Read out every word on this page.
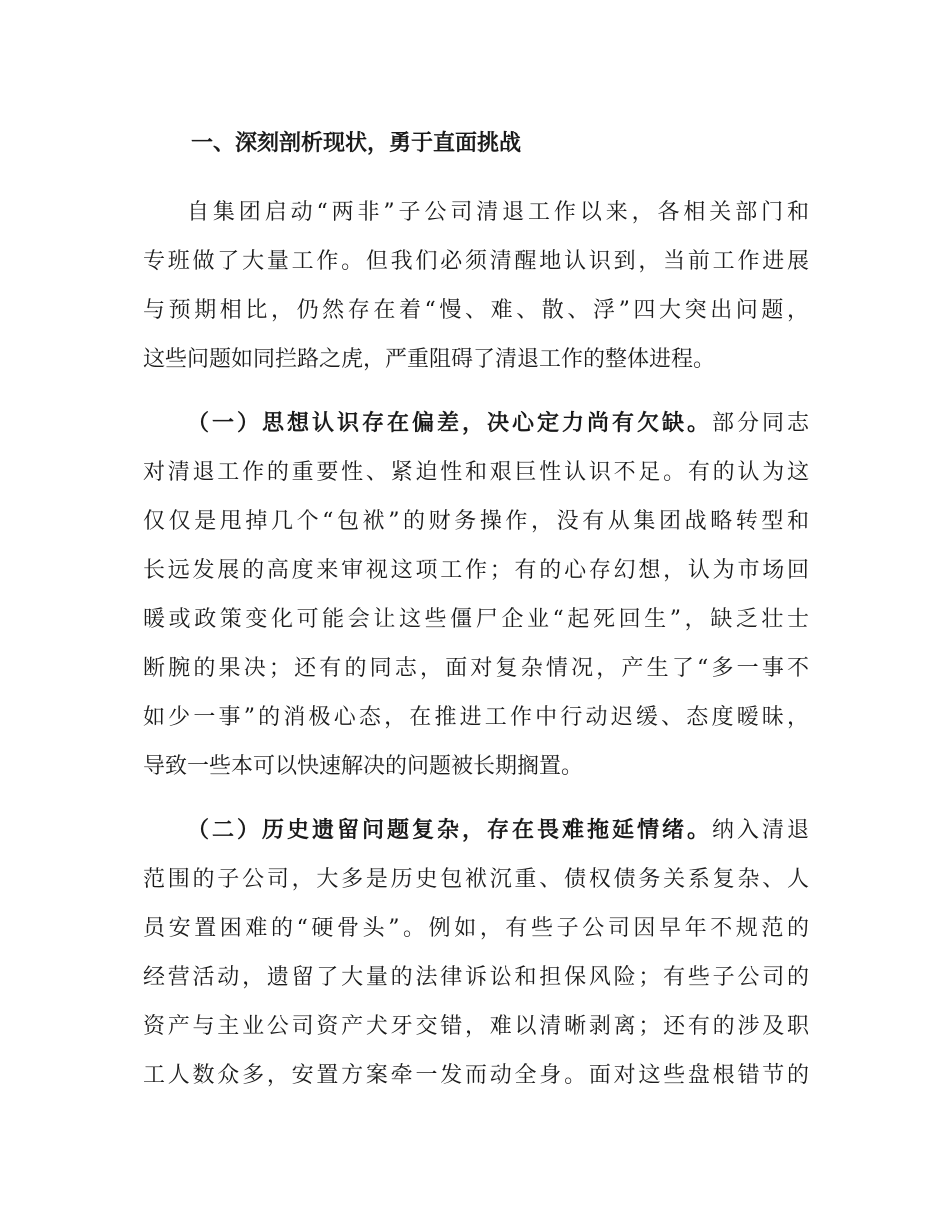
一、深刻剖析现状，勇于直面挑战

自集团启动“两非”子公司清退工作以来，各相关部门和
专班做了大量工作。但我们必须清醒地认识到，当前工作进展
与预期相比，仍然存在着“慢、难、散、浮”四大突出问题，
这些问题如同拦路之虎，严重阻碍了清退工作的整体进程。

（一）思想认识存在偏差，决心定力尚有欠缺。部分同志
对清退工作的重要性、紧迫性和艰巨性认识不足。有的认为这
仅仅是甩掉几个“包袱”的财务操作，没有从集团战略转型和
长远发展的高度来审视这项工作；有的心存幻想，认为市场回
暖或政策变化可能会让这些僵尸企业“起死回生”，缺乏壮士
断腕的果决；还有的同志，面对复杂情况，产生了“多一事不
如少一事”的消极心态，在推进工作中行动迟缓、态度暧昧，
导致一些本可以快速解决的问题被长期搁置。

（二）历史遗留问题复杂，存在畏难拖延情绪。纳入清退
范围的子公司，大多是历史包袱沉重、债权债务关系复杂、人
员安置困难的“硬骨头”。例如，有些子公司因早年不规范的
经营活动，遗留了大量的法律诉讼和担保风险；有些子公司的
资产与主业公司资产犬牙交错，难以清晰剥离；还有的涉及职
工人数众多，安置方案牵一发而动全身。面对这些盘根错节的
